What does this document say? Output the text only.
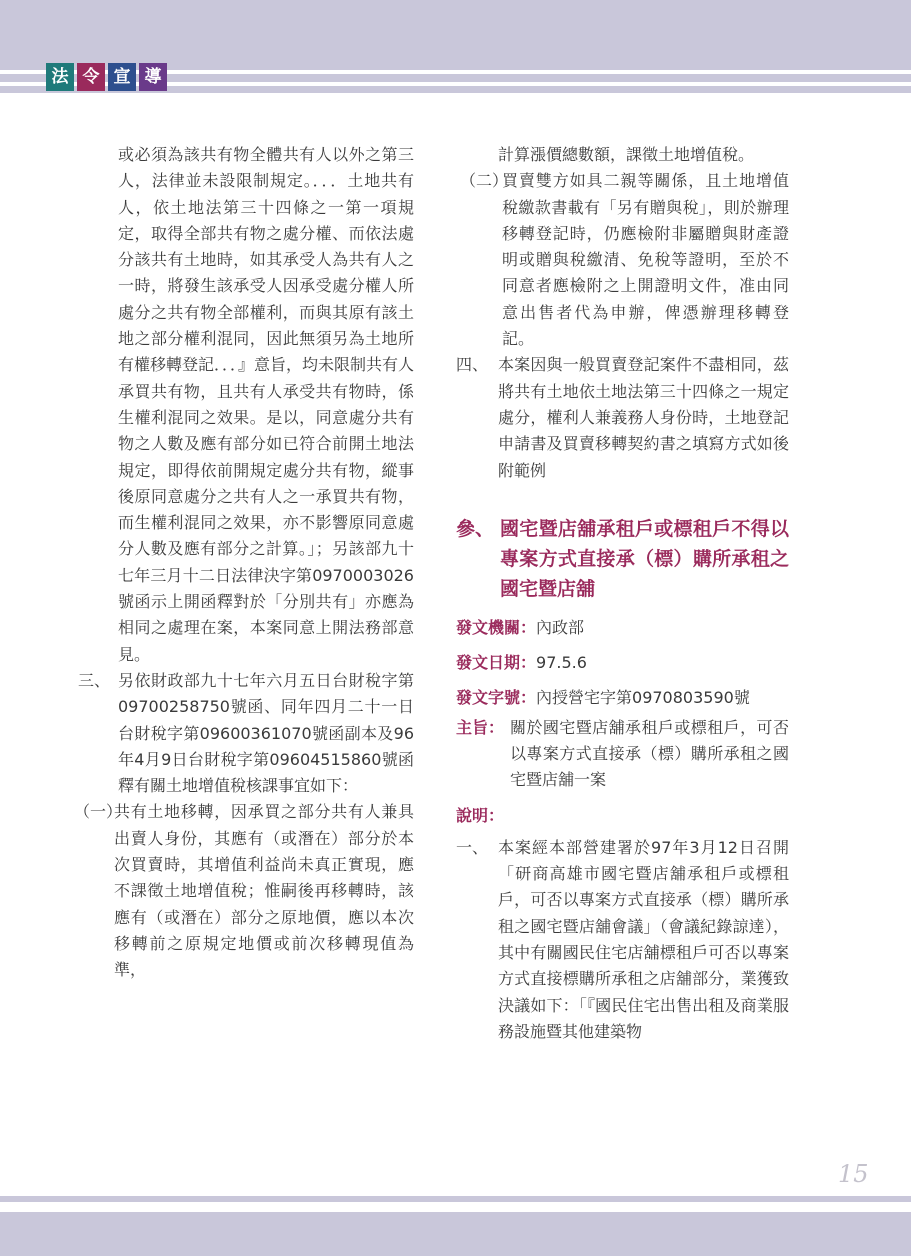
法 令 宣 導

或必須為該共有物全體共有人以外之第三人，法律並未設限制規定。．．．土地共有人，依土地法第三十四條之一第一項規定，取得全部共有物之處分權、而依法處分該共有土地時，如其承受人為共有人之一時，將發生該承受人因承受處分權人所處分之共有物全部權利，而與其原有該土地之部分權利混同，因此無須另為土地所有權移轉登記．．．』意旨，均未限制共有人承買共有物，且共有人承受共有物時，係生權利混同之效果。是以，同意處分共有物之人數及應有部分如已符合前開土地法規定，即得依前開規定處分共有物，縱事後原同意處分之共有人之一承買共有物，而生權利混同之效果，亦不影響原同意處分人數及應有部分之計算。」；另該部九十七年三月十二日法律決字第0970003026號函示上開函釋對於「分別共有」亦應為相同之處理在案，本案同意上開法務部意見。

三、 另依財政部九十七年六月五日台財稅字第09700258750號函、同年四月二十一日台財稅字第09600361070號函副本及96年4月9日台財稅字第09604515860號函釋有關土地增值稅核課事宜如下：
（一）
共有土地移轉，因承買之部分共有人兼具出賣人身份，其應有（或潛在）部分於本次買賣時，其增值利益尚未真正實現，應不課徵土地增值稅；惟嗣後再移轉時，該應有（或潛在）部分之原地價，應以本次移轉前之原規定地價或前次移轉現值為準，

計算漲價總數額，課徵土地增值稅。

（二）
買賣雙方如具二親等關係，且土地增值稅繳款書載有「另有贈與稅」，則於辦理移轉登記時，仍應檢附非屬贈與財產證明或贈與稅繳清、免稅等證明，至於不同意者應檢附之上開證明文件，准由同意出售者代為申辦，俾憑辦理移轉登記。
四、 本案因與一般買賣登記案件不盡相同，茲將共有土地依土地法第三十四條之一規定處分，權利人兼義務人身份時，土地登記申請書及買賣移轉契約書之填寫方式如後附範例
參、 國宅暨店舖承租戶或標租戶不得以專案方式直接承（標）購所承租之國宅暨店舖
發文機關：內政部
發文日期：97.5.6
發文字號：內授營宅字第0970803590號
主旨： 關於國宅暨店舖承租戶或標租戶，可否以專案方式直接承（標）購所承租之國宅暨店舖一案
說明：
一、 本案經本部營建署於97年3月12日召開「研商高雄市國宅暨店舖承租戶或標租戶，可否以專案方式直接承（標）購所承租之國宅暨店舖會議」（會議紀錄諒達），其中有關國民住宅店舖標租戶可否以專案方式直接標購所承租之店舖部分，業獲致決議如下：「『國民住宅出售出租及商業服務設施暨其他建築物
15
